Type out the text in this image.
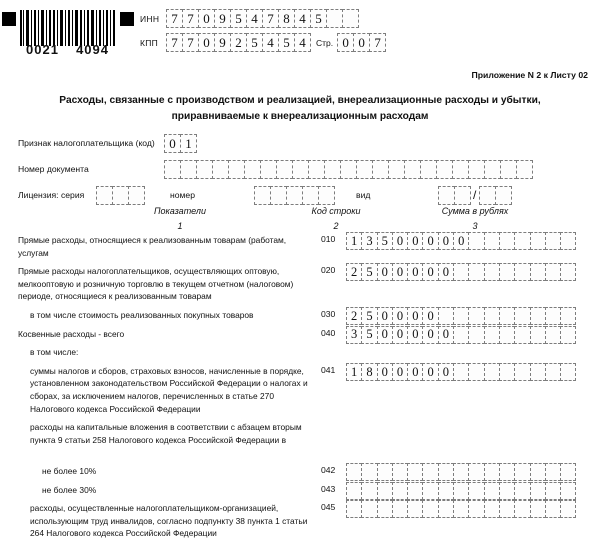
0021 4094
ИНН 7 7 0 9 5 4 7 8 4 5
КПП	7 7 0 9 2 5 4 5 4	Стр. 0 0 7
Приложение N 2 к Листу 02
Расходы, связанные с производством и реализацией, внереализационные расходы и убытки, приравниваемые к внереализационным расходам
Признак налогоплательщика (код)	0 1
Номер документа
Лицензия: серия	номер	вид	/
Показатели	Код строки	Сумма в рублях
1	2	3
Прямые расходы, относящиеся к реализованным товарам (работам, услугам
010	1 3 5 0 0 0 0 0
Прямые расходы налогоплательщиков, осуществляющих оптовую, мелкооптовую и розничную торговлю в текущем отчетном (налоговом) периоде, относящиеся к реализованным товарам
020	2 5 0 0 0 0 0
в том числе стоимость реализованных покупных товаров	030	2 5 0 0 0 0
Косвенные расходы - всего	040	3 5 0 0 0 0 0
в том числе:
суммы налогов и сборов, страховых взносов, начисленные в порядке, установленном законодательством Российской Федерации о налогах и сборах, за исключением налогов, перечисленных в статье 270 Налогового кодекса Российской Федерации
041	1 8 0 0 0 0 0
расходы на капитальные вложения в соответствии с абзацем вторым пункта 9 статьи 258 Налогового кодекса Российской Федерации в
не более 10%	042
не более 30%	043
расходы, осуществленные налогоплательщиком-организацией, использующим труд инвалидов, согласно подпункту 38 пункта 1 статьи 264 Налогового кодекса Российской Федерации
045
